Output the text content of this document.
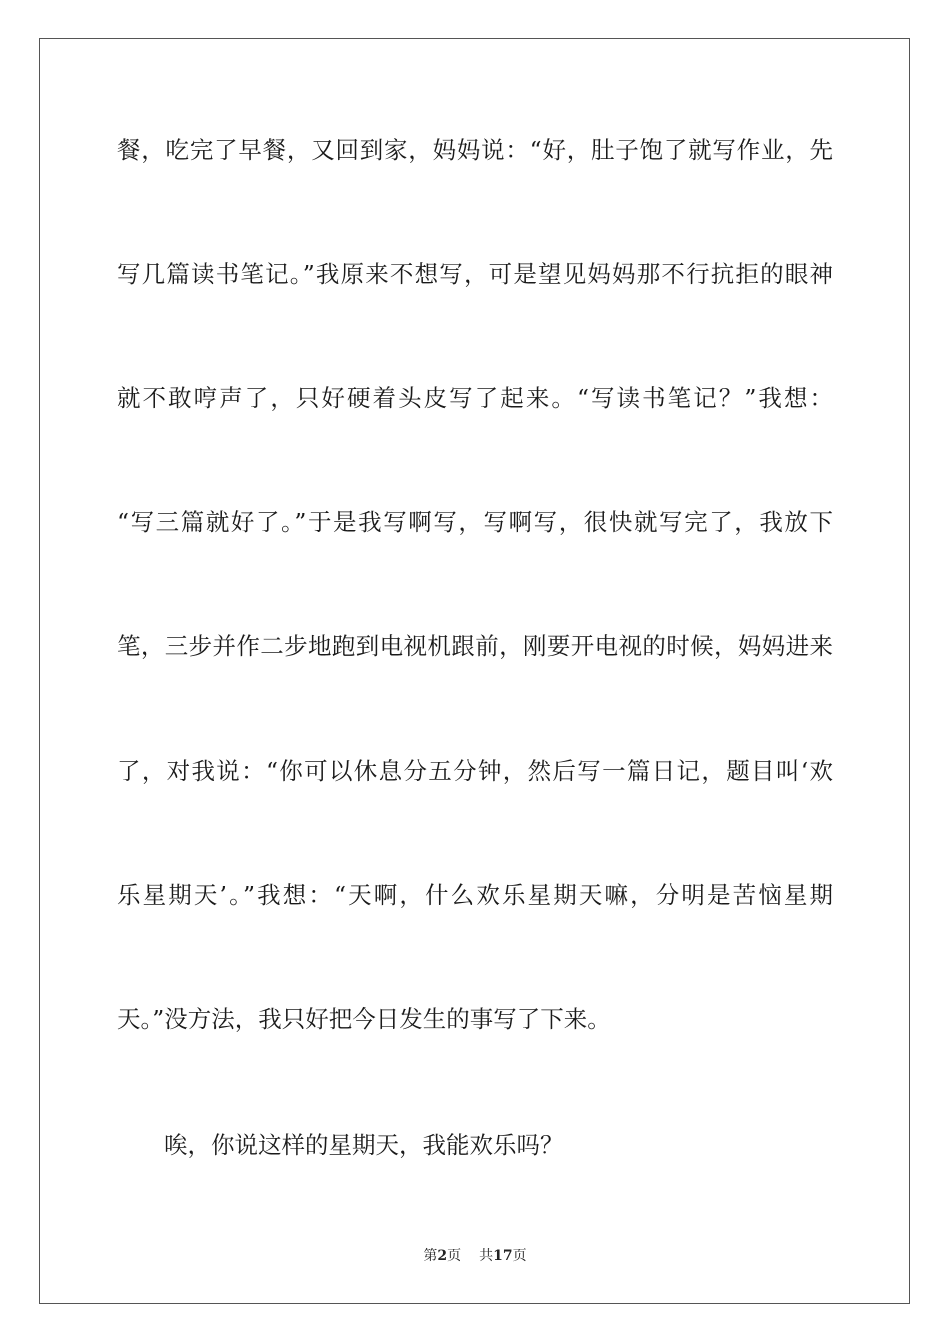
餐，吃完了早餐，又回到家，妈妈说：“好，肚子饱了就写作业，先
写几篇读书笔记。”我原来不想写，可是望见妈妈那不行抗拒的眼神
就不敢哼声了，只好硬着头皮写了起来。“写读书笔记？”我想：
“写三篇就好了。”于是我写啊写，写啊写，很快就写完了，我放下
笔，三步并作二步地跑到电视机跟前，刚要开电视的时候，妈妈进来
了，对我说：“你可以休息分五分钟，然后写一篇日记，题目叫‘欢
乐星期天’。”我想：“天啊，什么欢乐星期天嘛，分明是苦恼星期
天。”没方法，我只好把今日发生的事写了下来。
唉，你说这样的星期天，我能欢乐吗？
第2页 共17页
